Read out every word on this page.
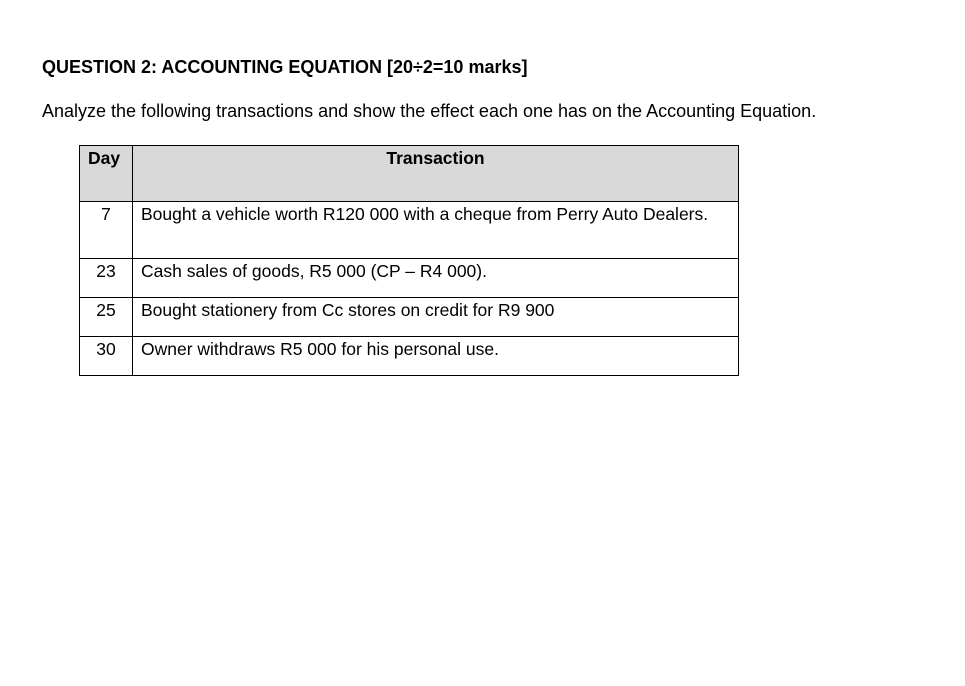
QUESTION 2: ACCOUNTING EQUATION [20÷2=10 marks]
Analyze the following transactions and show the effect each one has on the Accounting Equation.
Day	Transaction
7	Bought a vehicle worth R120 000 with a cheque from Perry Auto Dealers.
23	Cash sales of goods, R5 000 (CP – R4 000).
25	Bought stationery from Cc stores on credit for R9 900
30	Owner withdraws R5 000 for his personal use.
